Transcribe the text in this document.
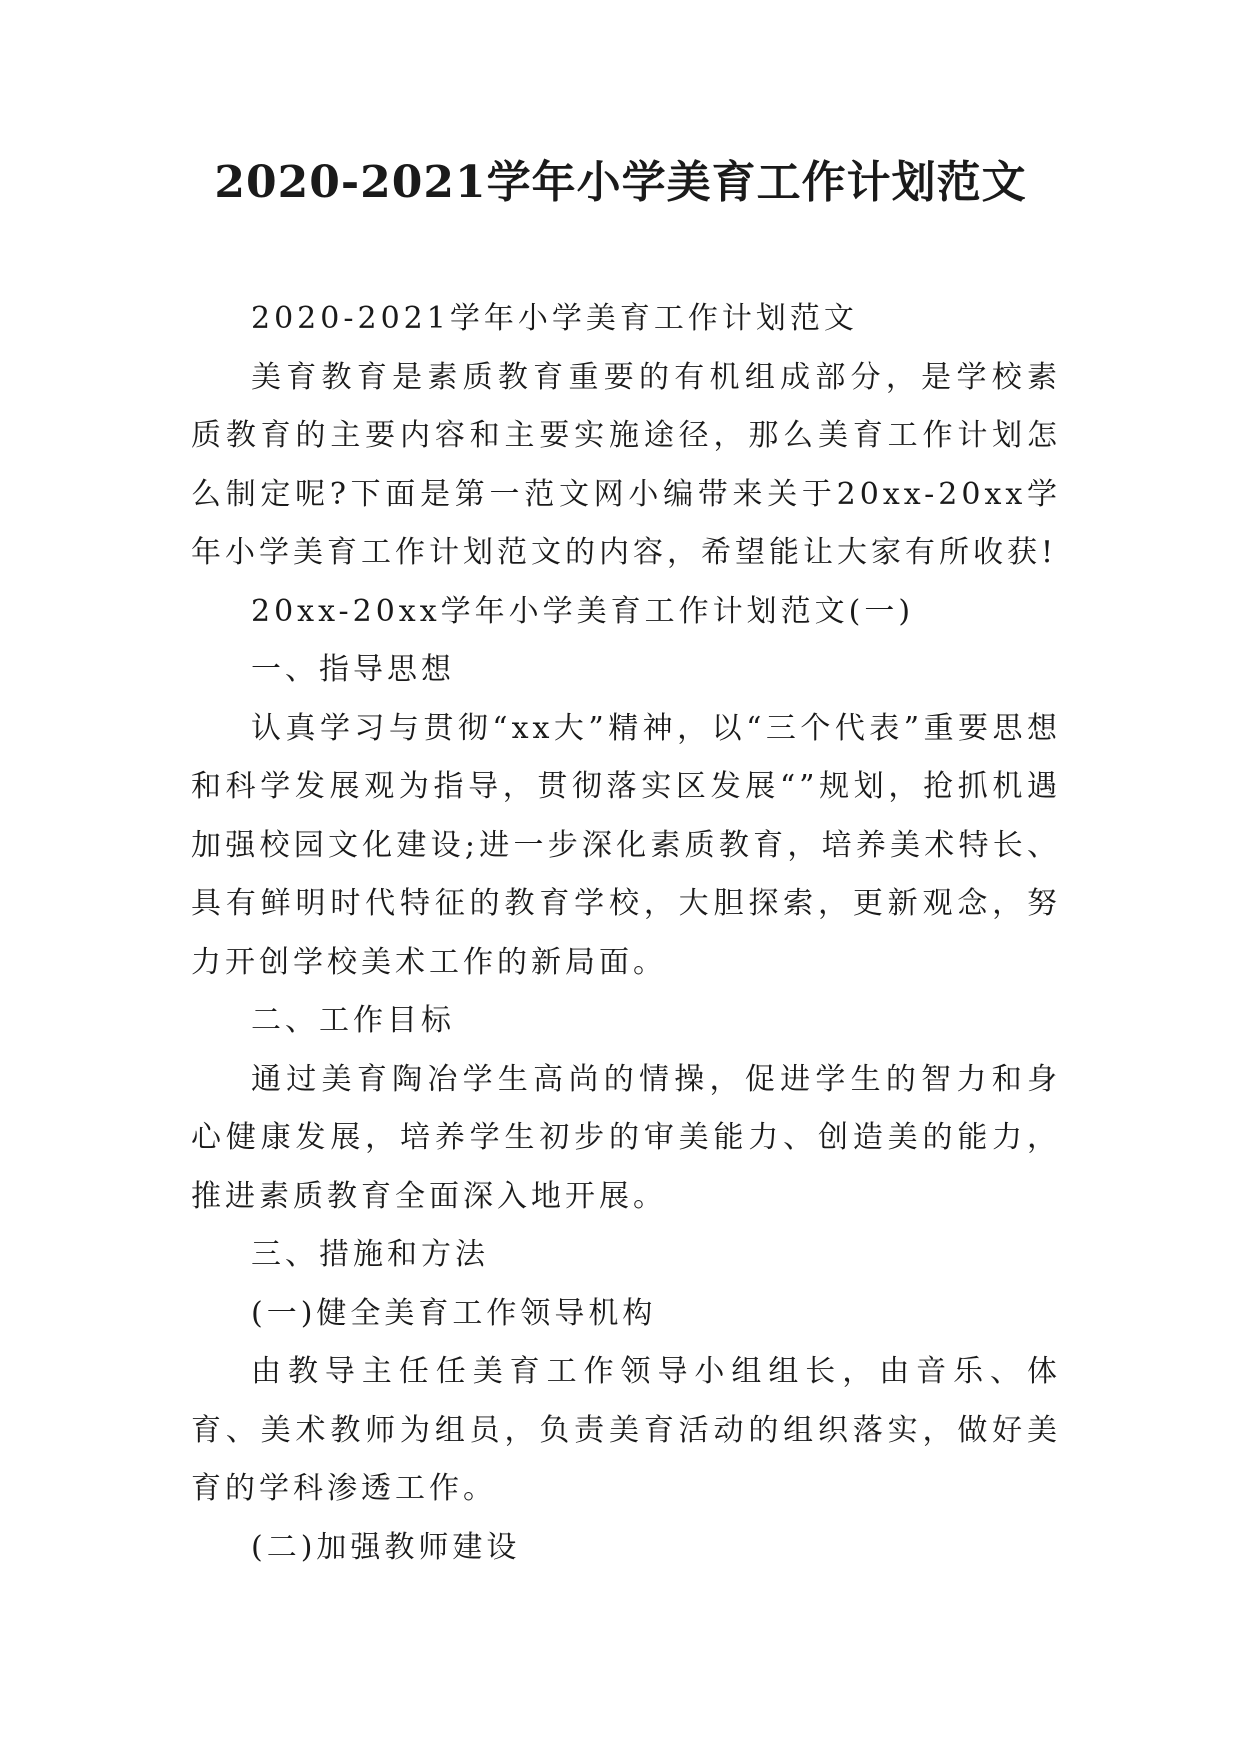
2020-2021学年小学美育工作计划范文

2020-2021学年小学美育工作计划范文

美育教育是素质教育重要的有机组成部分，是学校素质教育的主要内容和主要实施途径，那么美育工作计划怎么制定呢?下面是第一范文网小编带来关于20xx-20xx学年小学美育工作计划范文的内容，希望能让大家有所收获!

20xx-20xx学年小学美育工作计划范文(一)

一、指导思想

认真学习与贯彻“xx大”精神，以“三个代表”重要思想和科学发展观为指导，贯彻落实区发展“”规划，抢抓机遇加强校园文化建设;进一步深化素质教育，培养美术特长、具有鲜明时代特征的教育学校，大胆探索，更新观念，努力开创学校美术工作的新局面。

二、工作目标

通过美育陶冶学生高尚的情操，促进学生的智力和身心健康发展，培养学生初步的审美能力、创造美的能力，推进素质教育全面深入地开展。

三、措施和方法

(一)健全美育工作领导机构

由教导主任任美育工作领导小组组长，由音乐、体育、美术教师为组员，负责美育活动的组织落实，做好美育的学科渗透工作。

(二)加强教师建设
